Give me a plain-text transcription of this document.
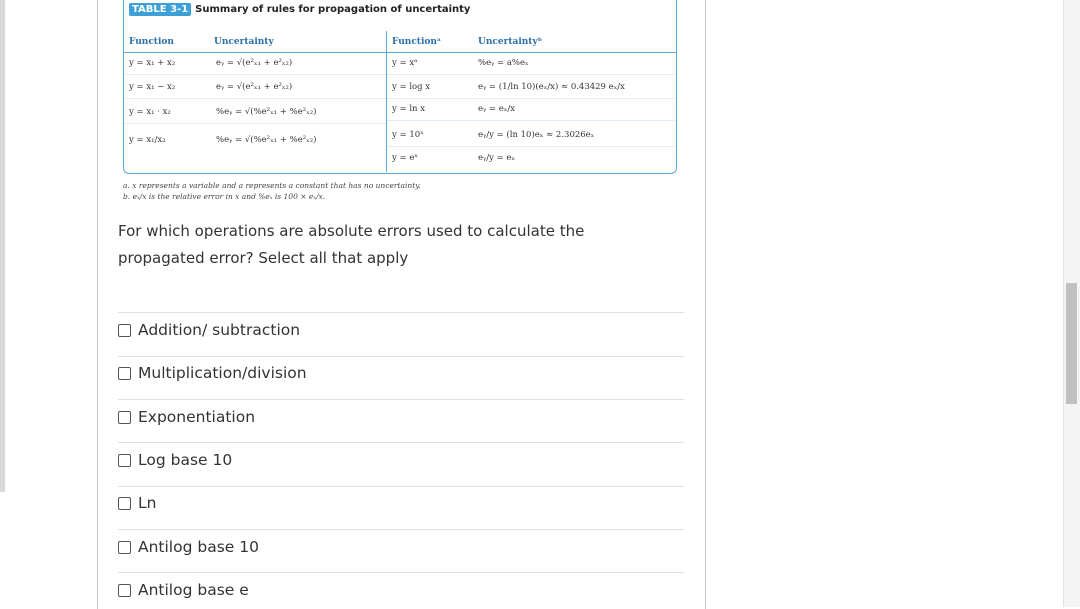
TABLE 3-1 Summary of rules for propagation of uncertainty
Function	Uncertainty	Functionᵃ	Uncertaintyᵇ
y = x₁ + x₂	eᵧ = √(e²ₓ₁ + e²ₓ₂)
y = x₁ − x₂	eᵧ = √(e²ₓ₁ + e²ₓ₂)
y = x₁ · x₂	%eᵧ = √(%e²ₓ₁ + %e²ₓ₂)
y = x₁/x₂	%eᵧ = √(%e²ₓ₁ + %e²ₓ₂)
y = xᵃ	%eᵧ = a%eₓ
y = log x	eᵧ = (1/ln 10)(eₓ/x) ≈ 0.43429 eₓ/x
y = ln x	eᵧ = eₓ/x
y = 10ˣ	eᵧ/y = (ln 10)eₓ ≈ 2.3026eₓ
y = eˣ	eᵧ/y = eₓ
a. x represents a variable and a represents a constant that has no uncertainty.
b. eₓ/x is the relative error in x and %eₓ is 100 × eₓ/x.
For which operations are absolute errors used to calculate the propagated error? Select all that apply
Addition/ subtraction
Multiplication/division
Exponentiation
Log base 10
Ln
Antilog base 10
Antilog base e
